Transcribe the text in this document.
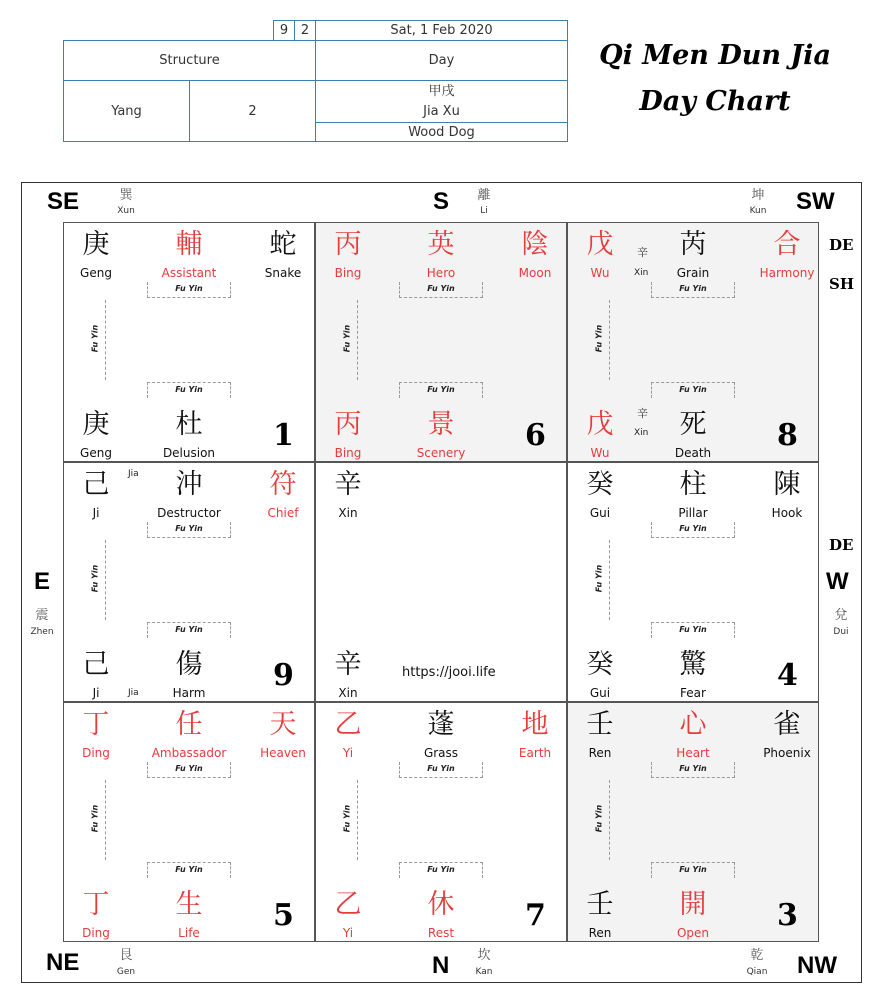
9 2	Sat, 1 Feb 2020
Structure	Day
Yang	2
甲戌
Jia Xu
Wood Dog
Qi Men Dun Jia
Day Chart
SE	巽
Xun	S	離
Li	SW
坤
Kun
DE
SH
DE
E
震
Zhen
W
兌
Dui
NE	艮
Gen	N	坎
Kan	NW
乾
Qian
庚
Geng
庚
Geng
輔
Assistant
蛇
Snake
杜
Delusion	1
Fu Yin
Fu Yin
Fu Yin
丙
Bing
丙
Bing
英
Hero
陰
Moon
景
Scenery	6
Fu Yin
Fu Yin
Fu Yin
戊
Wu
戊
Wu
芮
Grain
合
Harmony
死
Death	8
Fu Yin
Fu Yin
Fu Yin
辛
Xin
辛
Xin
己
Ji
己
Ji
沖
Destructor
符
Chief
傷
Harm	9
Fu Yin
Fu Yin
Fu Yin
Jia
Jia
辛
Xin
辛
Xin
癸
Gui
癸
Gui
柱
Pillar
陳
Hook
驚
Fear	4
Fu Yin
Fu Yin
Fu Yin
丁
Ding
丁
Ding
任
Ambassador
天
Heaven
生
Life	5
Fu Yin
Fu Yin
Fu Yin
乙
Yi
乙
Yi
蓬
Grass
地
Earth
休
Rest	7
Fu Yin
Fu Yin
Fu Yin
壬
Ren
壬
Ren
心
Heart
雀
Phoenix
開
Open	3
Fu Yin
Fu Yin
Fu Yin
https://jooi.life
